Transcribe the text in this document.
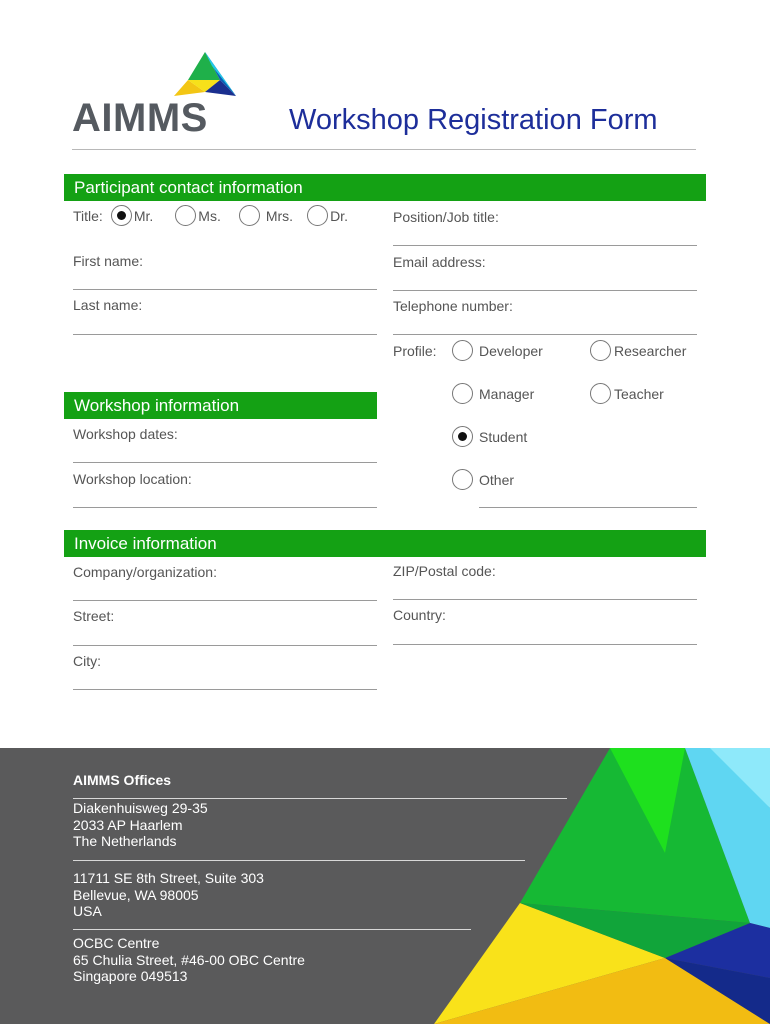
AIMMS	Workshop Registration Form
Participant contact information
Title: Mr.	Ms.	Mrs.	Dr.
First name:
Last name:
Position/Job title:
Email address:
Telephone number:
Profile:	Developer	Researcher
Manager	Teacher
Student
Other
Workshop information
Workshop dates:
Workshop location:
Invoice information
Company/organization:
Street:
City:
ZIP/Postal code:
Country:
AIMMS Offices
Diakenhuisweg 29-35
2033 AP Haarlem
The Netherlands
11711 SE 8th Street, Suite 303
Bellevue, WA 98005
USA
OCBC Centre
65 Chulia Street, #46-00 OBC Centre
Singapore 049513
